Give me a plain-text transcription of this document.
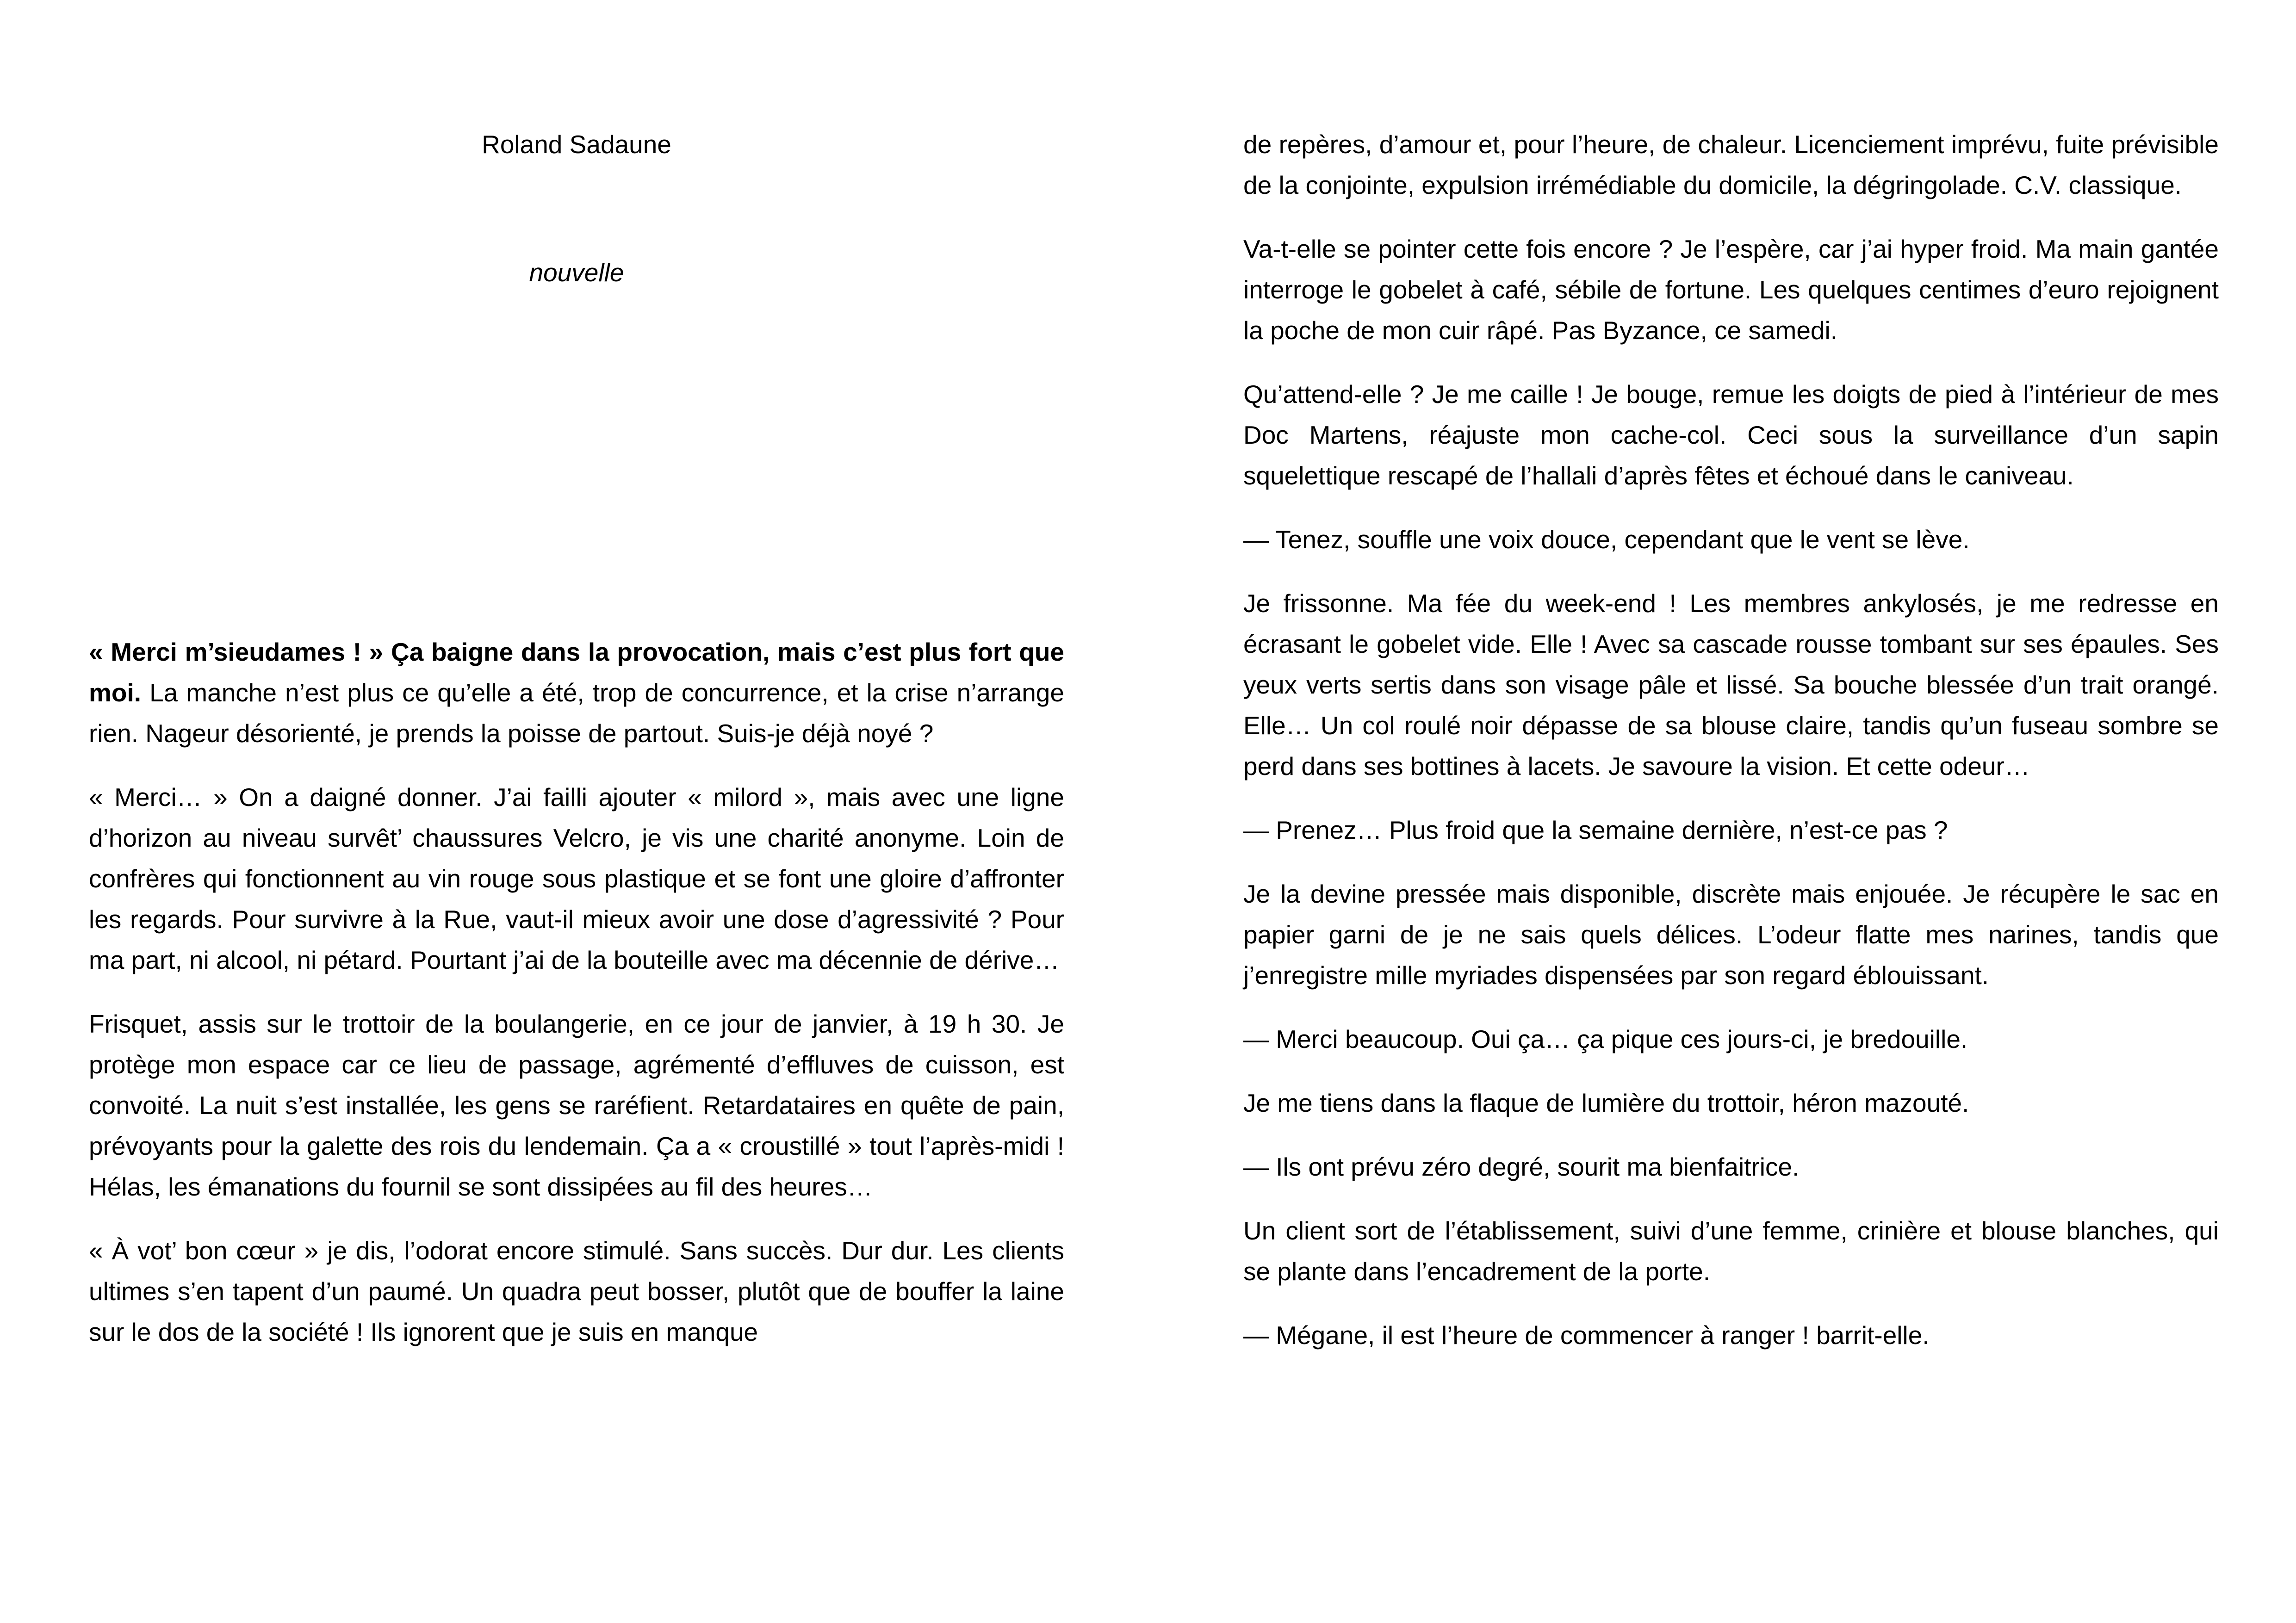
Roland Sadaune
nouvelle

« Merci m’sieudames ! » Ça baigne dans la provocation, mais c’est plus fort que moi. La manche n’est plus ce qu’elle a été, trop de concurrence, et la crise n’arrange rien. Nageur désorienté, je prends la poisse de partout. Suis-je déjà noyé ?

« Merci… » On a daigné donner. J’ai failli ajouter « milord », mais avec une ligne d’horizon au niveau survêt’ chaussures Velcro, je vis une charité anonyme. Loin de confrères qui fonctionnent au vin rouge sous plastique et se font une gloire d’affronter les regards. Pour survivre à la Rue, vaut-il mieux avoir une dose d’agressivité ? Pour ma part, ni alcool, ni pétard. Pourtant j’ai de la bouteille avec ma décennie de dérive…

Frisquet, assis sur le trottoir de la boulangerie, en ce jour de janvier, à 19 h 30. Je protège mon espace car ce lieu de passage, agrémenté d’effluves de cuisson, est convoité. La nuit s’est installée, les gens se raréfient. Retardataires en quête de pain, prévoyants pour la galette des rois du lendemain. Ça a « croustillé » tout l’après-midi ! Hélas, les émanations du fournil se sont dissipées au fil des heures…

« À vot’ bon cœur » je dis, l’odorat encore stimulé. Sans succès. Dur dur. Les clients ultimes s’en tapent d’un paumé. Un quadra peut bosser, plutôt que de bouffer la laine sur le dos de la société ! Ils ignorent que je suis en manque

de repères, d’amour et, pour l’heure, de chaleur. Licenciement imprévu, fuite prévisible de la conjointe, expulsion irrémédiable du domicile, la dégringolade. C.V. classique.

Va-t-elle se pointer cette fois encore ? Je l’espère, car j’ai hyper froid. Ma main gantée interroge le gobelet à café, sébile de fortune. Les quelques centimes d’euro rejoignent la poche de mon cuir râpé. Pas Byzance, ce samedi.

Qu’attend-elle ? Je me caille ! Je bouge, remue les doigts de pied à l’intérieur de mes Doc Martens, réajuste mon cache-col. Ceci sous la surveillance d’un sapin squelettique rescapé de l’hallali d’après fêtes et échoué dans le caniveau.

— Tenez, souffle une voix douce, cependant que le vent se lève.

Je frissonne. Ma fée du week-end ! Les membres ankylosés, je me redresse en écrasant le gobelet vide. Elle ! Avec sa cascade rousse tombant sur ses épaules. Ses yeux verts sertis dans son visage pâle et lissé. Sa bouche blessée d’un trait orangé. Elle… Un col roulé noir dépasse de sa blouse claire, tandis qu’un fuseau sombre se perd dans ses bottines à lacets. Je savoure la vision. Et cette odeur…

— Prenez… Plus froid que la semaine dernière, n’est-ce pas ?

Je la devine pressée mais disponible, discrète mais enjouée. Je récupère le sac en papier garni de je ne sais quels délices. L’odeur flatte mes narines, tandis que j’enregistre mille myriades dispensées par son regard éblouissant.

— Merci beaucoup. Oui ça… ça pique ces jours-ci, je bredouille.

Je me tiens dans la flaque de lumière du trottoir, héron mazouté.

— Ils ont prévu zéro degré, sourit ma bienfaitrice.

Un client sort de l’établissement, suivi d’une femme, crinière et blouse blanches, qui se plante dans l’encadrement de la porte.

— Mégane, il est l’heure de commencer à ranger ! barrit-elle.
